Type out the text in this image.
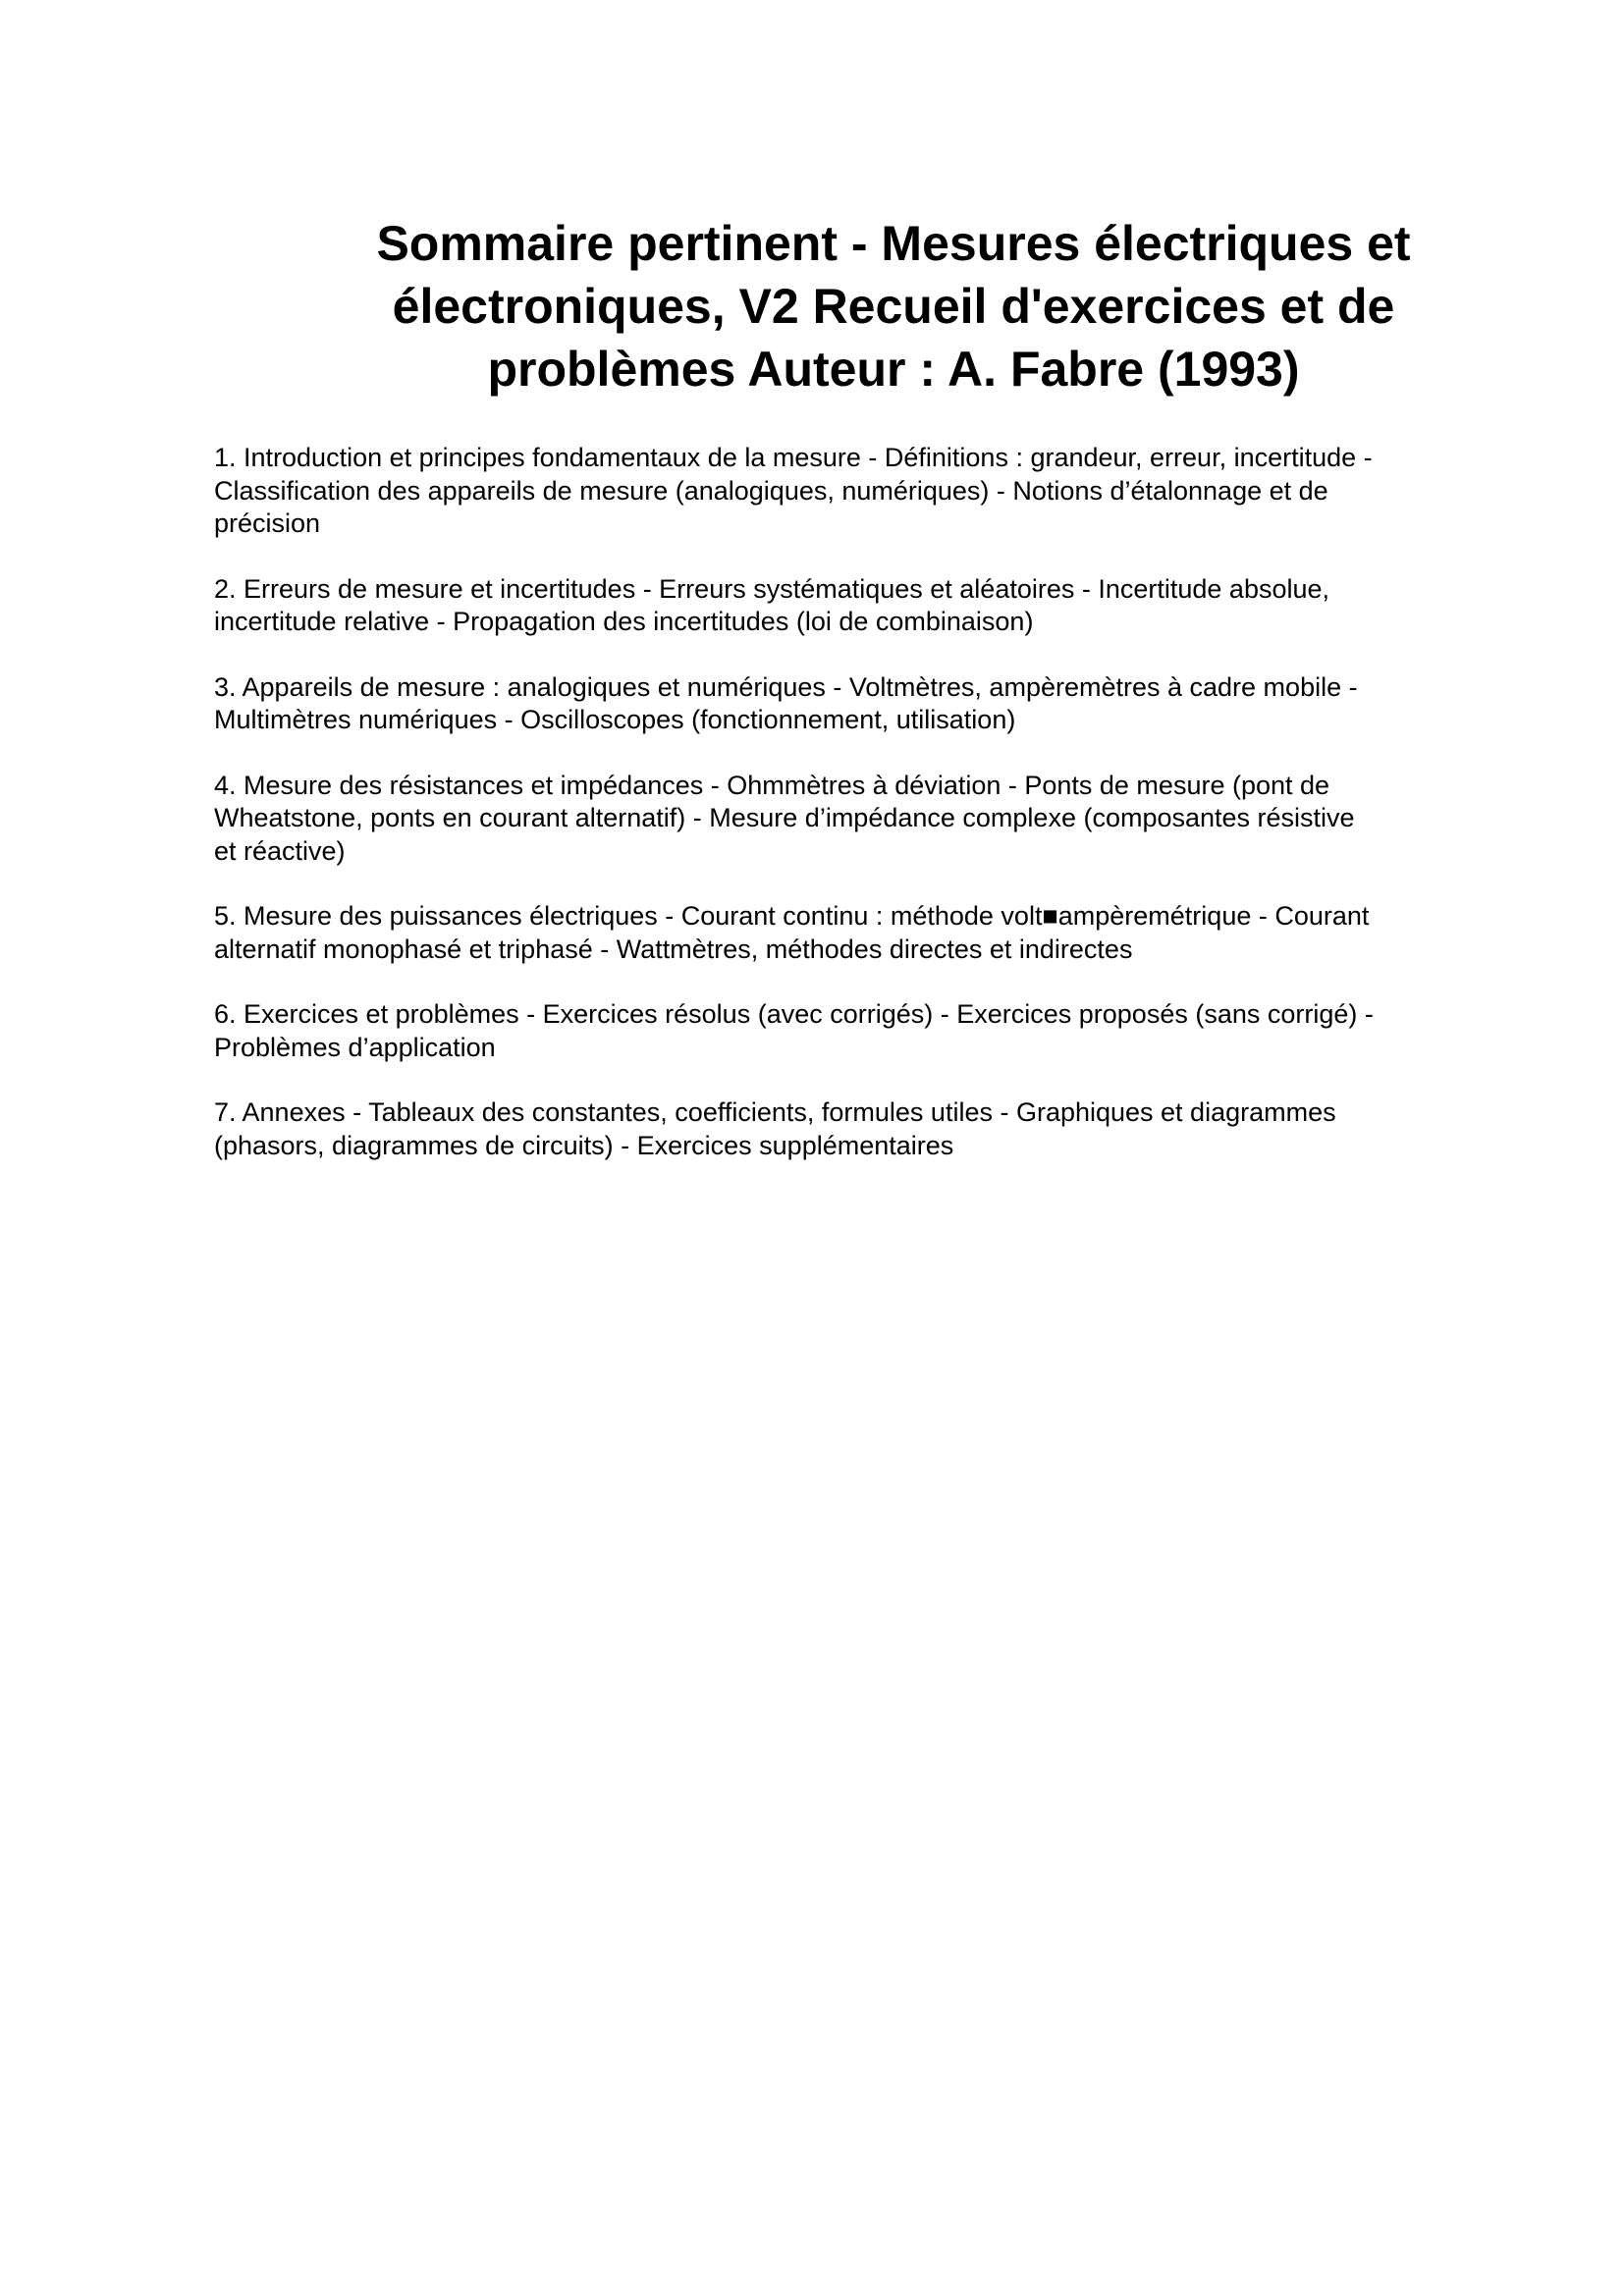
Sommaire pertinent - Mesures électriques et
électroniques, V2 Recueil d'exercices et de
problèmes Auteur : A. Fabre (1993)

1. Introduction et principes fondamentaux de la mesure - Définitions : grandeur, erreur, incertitude -
Classification des appareils de mesure (analogiques, numériques) - Notions d’étalonnage et de
précision

2. Erreurs de mesure et incertitudes - Erreurs systématiques et aléatoires - Incertitude absolue,
incertitude relative - Propagation des incertitudes (loi de combinaison)

3. Appareils de mesure : analogiques et numériques - Voltmètres, ampèremètres à cadre mobile -
Multimètres numériques - Oscilloscopes (fonctionnement, utilisation)

4. Mesure des résistances et impédances - Ohmmètres à déviation - Ponts de mesure (pont de
Wheatstone, ponts en courant alternatif) - Mesure d’impédance complexe (composantes résistive
et réactive)

5. Mesure des puissances électriques - Courant continu : méthode volt■ampèremétrique - Courant
alternatif monophasé et triphasé - Wattmètres, méthodes directes et indirectes

6. Exercices et problèmes - Exercices résolus (avec corrigés) - Exercices proposés (sans corrigé) -
Problèmes d’application

7. Annexes - Tableaux des constantes, coefficients, formules utiles - Graphiques et diagrammes
(phasors, diagrammes de circuits) - Exercices supplémentaires
